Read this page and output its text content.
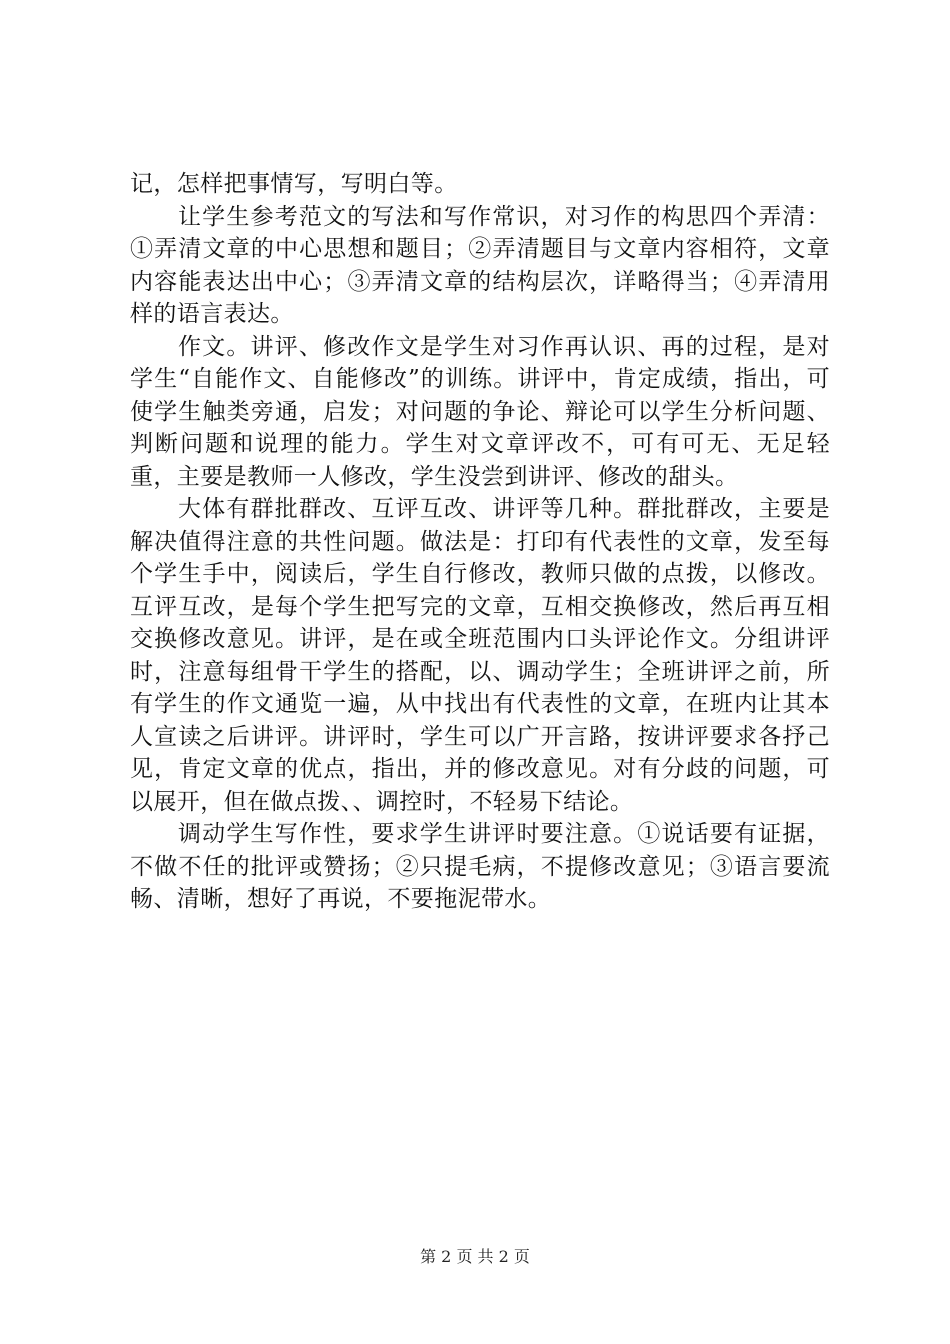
记，怎样把事情写，写明白等。

让学生参考范文的写法和写作常识，对习作的构思四个弄清：①弄清文章的中心思想和题目；②弄清题目与文章内容相符，文章内容能表达出中心；③弄清文章的结构层次，详略得当；④弄清用样的语言表达。

作文。讲评、修改作文是学生对习作再认识、再的过程，是对学生“自能作文、自能修改”的训练。讲评中，肯定成绩，指出，可使学生触类旁通，启发；对问题的争论、辩论可以学生分析问题、判断问题和说理的能力。学生对文章评改不，可有可无、无足轻重，主要是教师一人修改，学生没尝到讲评、修改的甜头。

大体有群批群改、互评互改、讲评等几种。群批群改，主要是解决值得注意的共性问题。做法是：打印有代表性的文章，发至每个学生手中，阅读后，学生自行修改，教师只做的点拨，以修改。互评互改，是每个学生把写完的文章，互相交换修改，然后再互相交换修改意见。讲评，是在或全班范围内口头评论作文。分组讲评时，注意每组骨干学生的搭配，以、调动学生；全班讲评之前，所有学生的作文通览一遍，从中找出有代表性的文章，在班内让其本人宣读之后讲评。讲评时，学生可以广开言路，按讲评要求各抒己见，肯定文章的优点，指出，并的修改意见。对有分歧的问题，可以展开，但在做点拨、、调控时，不轻易下结论。

调动学生写作性，要求学生讲评时要注意。①说话要有证据，不做不任的批评或赞扬；②只提毛病，不提修改意见；③语言要流畅、清晰，想好了再说，不要拖泥带水。

第 2 页 共 2 页
